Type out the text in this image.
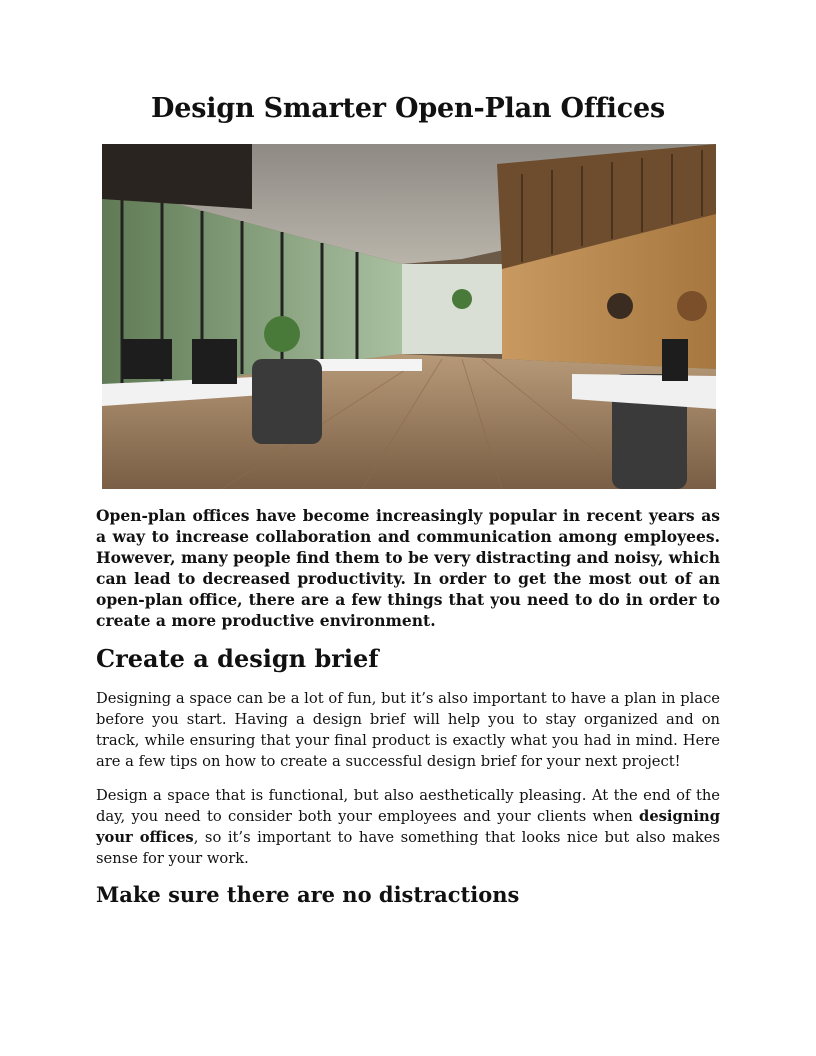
Design Smarter Open-Plan Offices

Open-plan offices have become increasingly popular in recent years as a way to increase collaboration and communication among employees. However, many people find them to be very distracting and noisy, which can lead to decreased productivity. In order to get the most out of an open-plan office, there are a few things that you need to do in order to create a more productive environment.

Create a design brief

Designing a space can be a lot of fun, but it’s also important to have a plan in place before you start. Having a design brief will help you to stay organized and on track, while ensuring that your final product is exactly what you had in mind. Here are a few tips on how to create a successful design brief for your next project!

Design a space that is functional, but also aesthetically pleasing. At the end of the day, you need to consider both your employees and your clients when designing your offices, so it’s important to have something that looks nice but also makes sense for your work.

Make sure there are no distractions
